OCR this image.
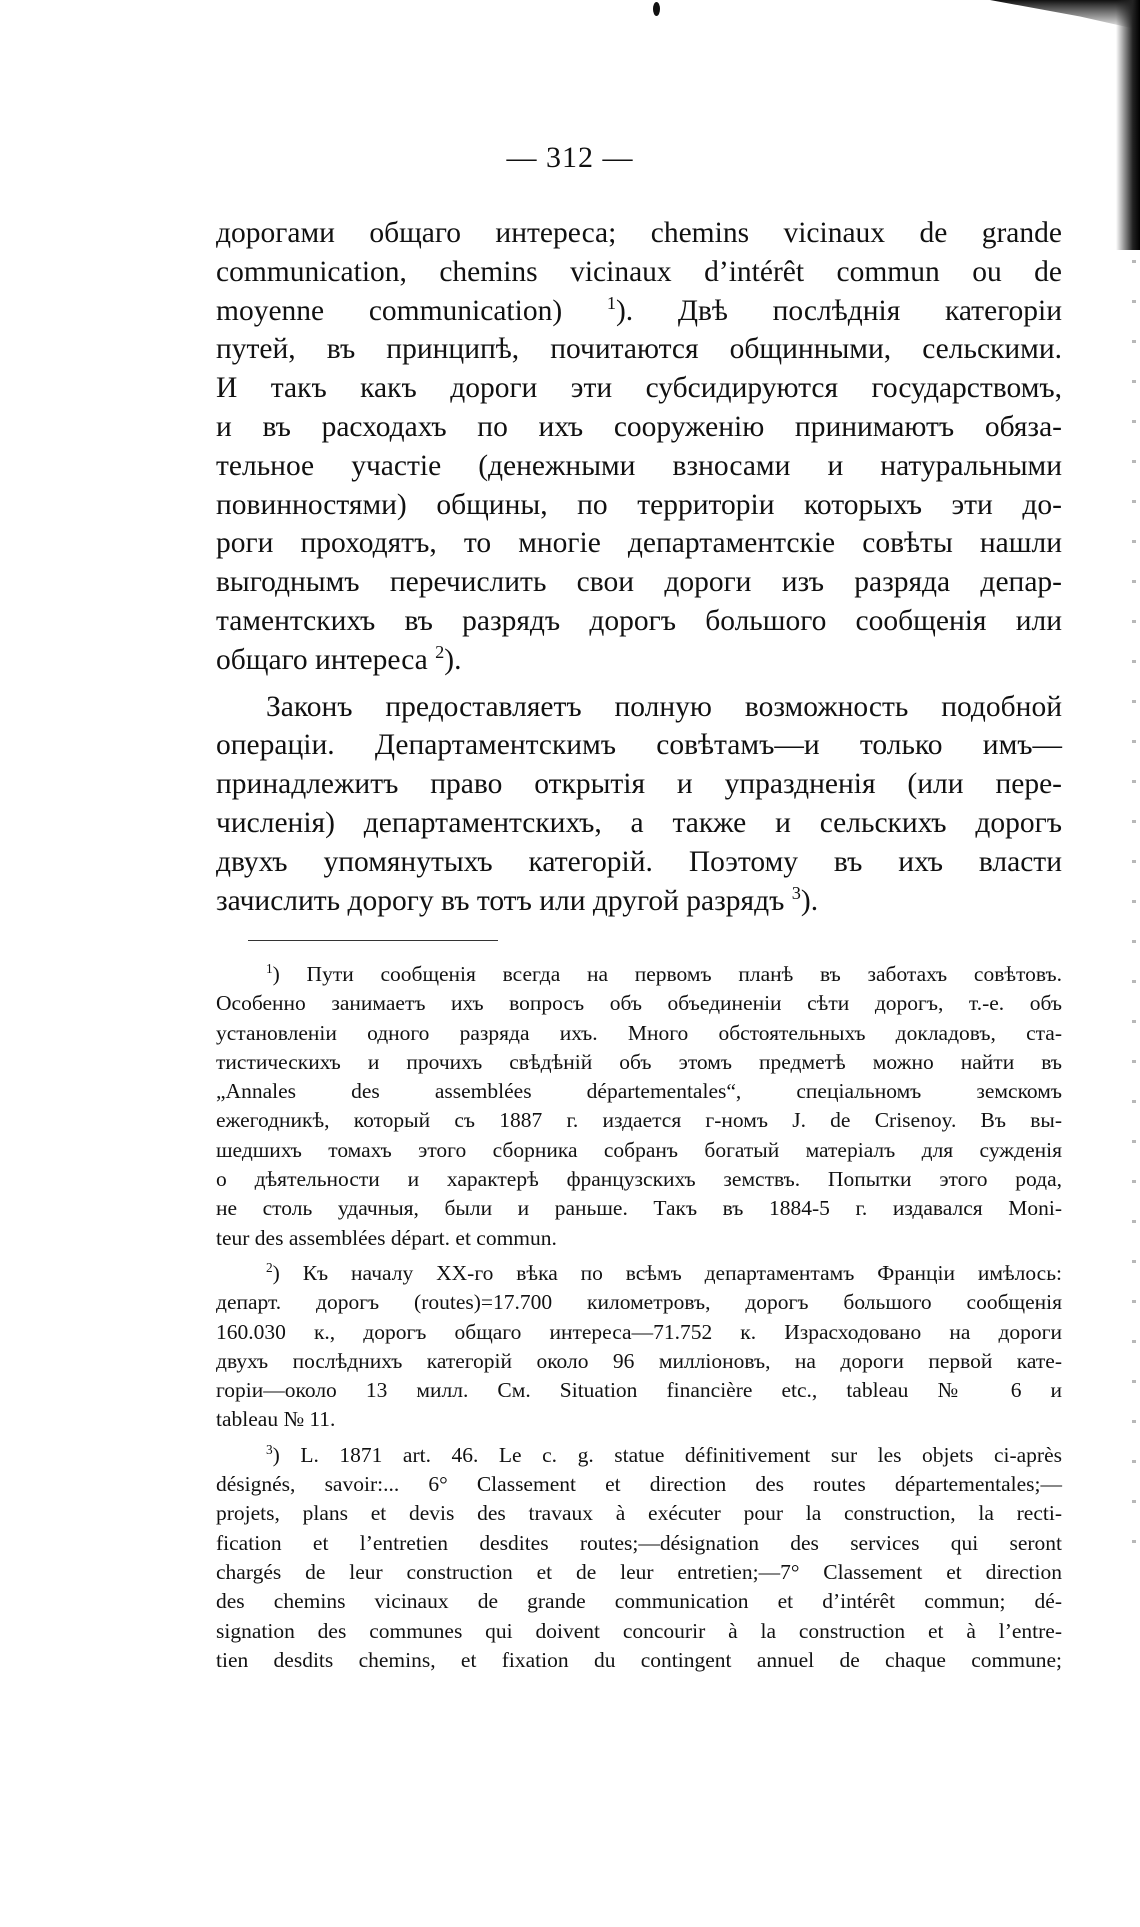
— 312 —
дорогами общаго интереса; chemins vicinaux de grande
communication, chemins vicinaux d’intérêt commun ou de
moyenne communication) $^1$). Двѣ послѣднія категоріи
путей, въ принципѣ, почитаются общинными, сельскими.
И такъ какъ дороги эти субсидируются государствомъ,
и въ расходахъ по ихъ сооруженію принимаютъ обяза-
тельное участіе (денежными взносами и натуральными
повинностями) общины, по территоріи которыхъ эти до-
роги проходятъ, то многіе департаментскіе совѣты нашли
выгоднымъ перечислить свои дороги изъ разряда депар-
таментскихъ въ разрядъ дорогъ большого сообщенія или
общаго интереса $^2$).
Законъ предоставляетъ полную возможность подобной
операціи. Департаментскимъ совѣтамъ—и только имъ—
принадлежитъ право открытія и упраздненія (или пере-
численія) департаментскихъ, а также и сельскихъ дорогъ
двухъ упомянутыхъ категорій. Поэтому въ ихъ власти
зачислить дорогу въ тотъ или другой разрядъ $^3$).
$^1$) Пути сообщенія всегда на первомъ планѣ въ заботахъ совѣтовъ.
Особенно занимаетъ ихъ вопросъ объ объединеніи сѣти дорогъ, т.-е. объ
установленіи одного разряда ихъ. Много обстоятельныхъ докладовъ, ста-
тистическихъ и прочихъ свѣдѣній объ этомъ предметѣ можно найти въ
„Annales des assemblées départementales“, спеціальномъ земскомъ
ежегодникѣ, который съ 1887 г. издается г-номъ J. de Crisenoy. Въ вы-
шедшихъ томахъ этого сборника собранъ богатый матеріалъ для сужденія
о дѣятельности и характерѣ французскихъ земствъ. Попытки этого рода,
не столь удачныя, были и раньше. Такъ въ 1884-5 г. издавался Moni-
teur des assemblées départ. et commun.
$^2$) Къ началу XX-го вѣка по всѣмъ департаментамъ Франціи имѣлось:
департ. дорогъ (routes)=17.700 километровъ, дорогъ большого сообщенія
160.030 к., дорогъ общаго интереса—71.752 к. Израсходовано на дороги
двухъ послѣднихъ категорій около 96 милліоновъ, на дороги первой кате-
горіи—около 13 милл. См. Situation financière etc., tableau № 6 и
tableau № 11.
$^3$) L. 1871 art. 46. Le c. g. statue définitivement sur les objets ci-après
désignés, savoir:... 6° Classement et direction des routes départementales;—
projets, plans et devis des travaux à exécuter pour la construction, la recti-
fication et l’entretien desdites routes;—désignation des services qui seront
chargés de leur construction et de leur entretien;—7° Classement et direction
des chemins vicinaux de grande communication et d’intérêt commun; dé-
signation des communes qui doivent concourir à la construction et à l’entre-
tien desdits chemins, et fixation du contingent annuel de chaque commune;
